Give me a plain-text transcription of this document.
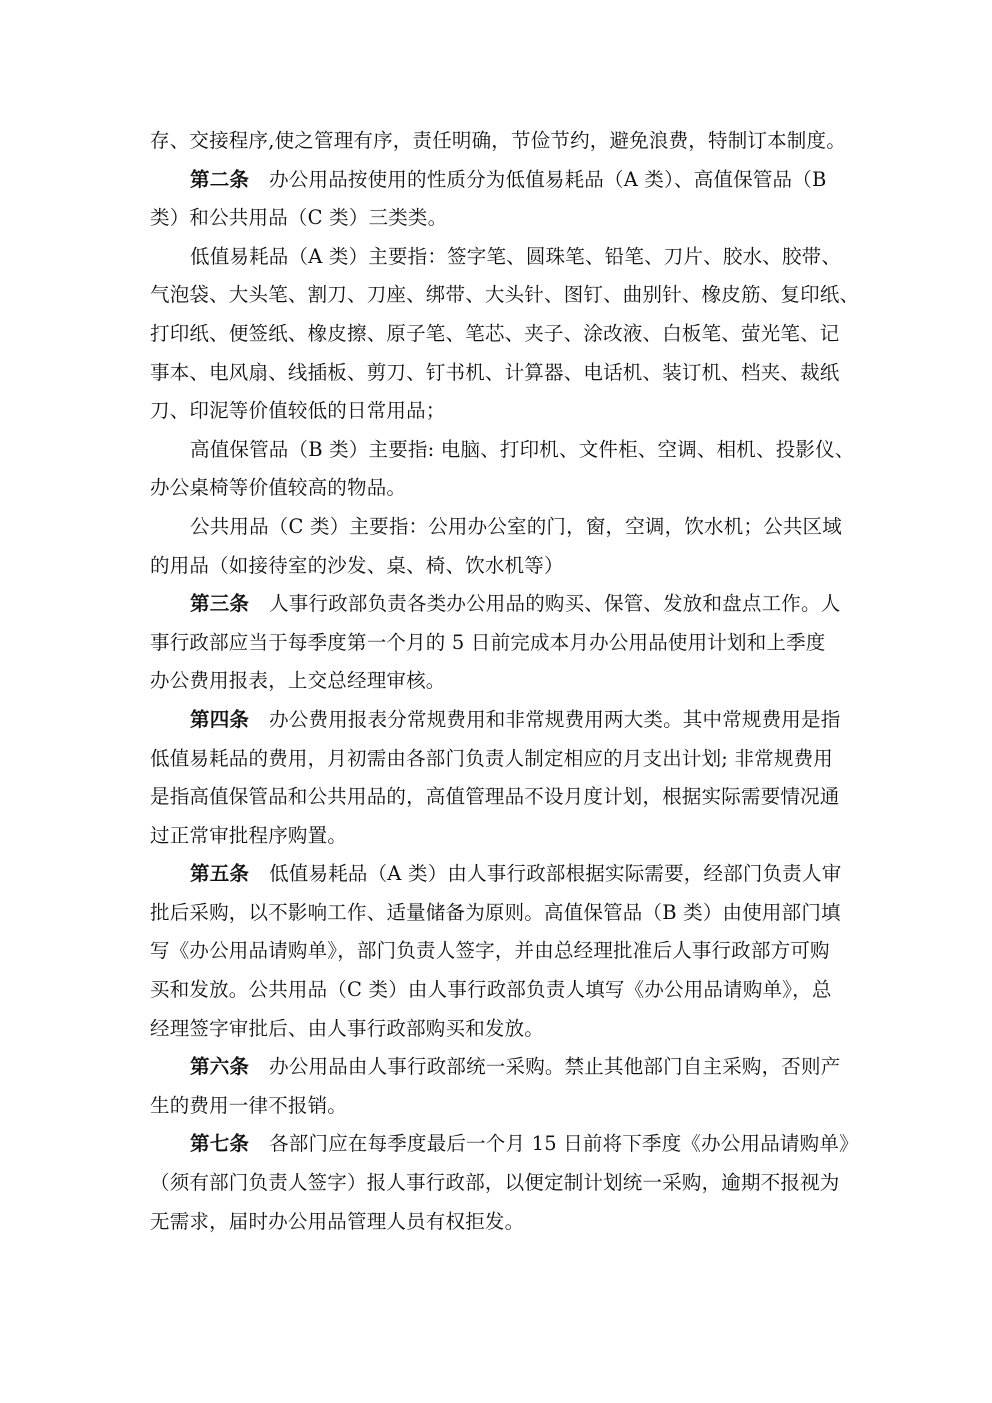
存、交接程序,使之管理有序，责任明确，节俭节约，避免浪费，特制订本制度。
第二条 办公用品按使用的性质分为低值易耗品（A 类）、高值保管品（B
类）和公共用品（C 类）三类类。
低值易耗品（A 类）主要指：签字笔、圆珠笔、铅笔、刀片、胶水、胶带、
气泡袋、大头笔、割刀、刀座、绑带、大头针、图钉、曲别针、橡皮筋、复印纸、
打印纸、便签纸、橡皮擦、原子笔、笔芯、夹子、涂改液、白板笔、萤光笔、记
事本、电风扇、线插板、剪刀、钉书机、计算器、电话机、装订机、档夹、裁纸
刀、印泥等价值较低的日常用品；
高值保管品（B 类）主要指: 电脑、打印机、文件柜、空调、相机、投影仪、
办公桌椅等价值较高的物品。
公共用品（C 类）主要指：公用办公室的门，窗，空调，饮水机；公共区域
的用品（如接待室的沙发、桌、椅、饮水机等）
第三条 人事行政部负责各类办公用品的购买、保管、发放和盘点工作。人
事行政部应当于每季度第一个月的 5 日前完成本月办公用品使用计划和上季度
办公费用报表，上交总经理审核。
第四条 办公费用报表分常规费用和非常规费用两大类。其中常规费用是指
低值易耗品的费用，月初需由各部门负责人制定相应的月支出计划; 非常规费用
是指高值保管品和公共用品的，高值管理品不设月度计划，根据实际需要情况通
过正常审批程序购置。
第五条 低值易耗品（A 类）由人事行政部根据实际需要，经部门负责人审
批后采购，以不影响工作、适量储备为原则。高值保管品（B 类）由使用部门填
写《办公用品请购单》，部门负责人签字，并由总经理批准后人事行政部方可购
买和发放。公共用品（C 类）由人事行政部负责人填写《办公用品请购单》，总
经理签字审批后、由人事行政部购买和发放。
第六条 办公用品由人事行政部统一采购。禁止其他部门自主采购，否则产
生的费用一律不报销。
第七条 各部门应在每季度最后一个月 15 日前将下季度《办公用品请购单》
（须有部门负责人签字）报人事行政部，以便定制计划统一采购，逾期不报视为
无需求，届时办公用品管理人员有权拒发。
